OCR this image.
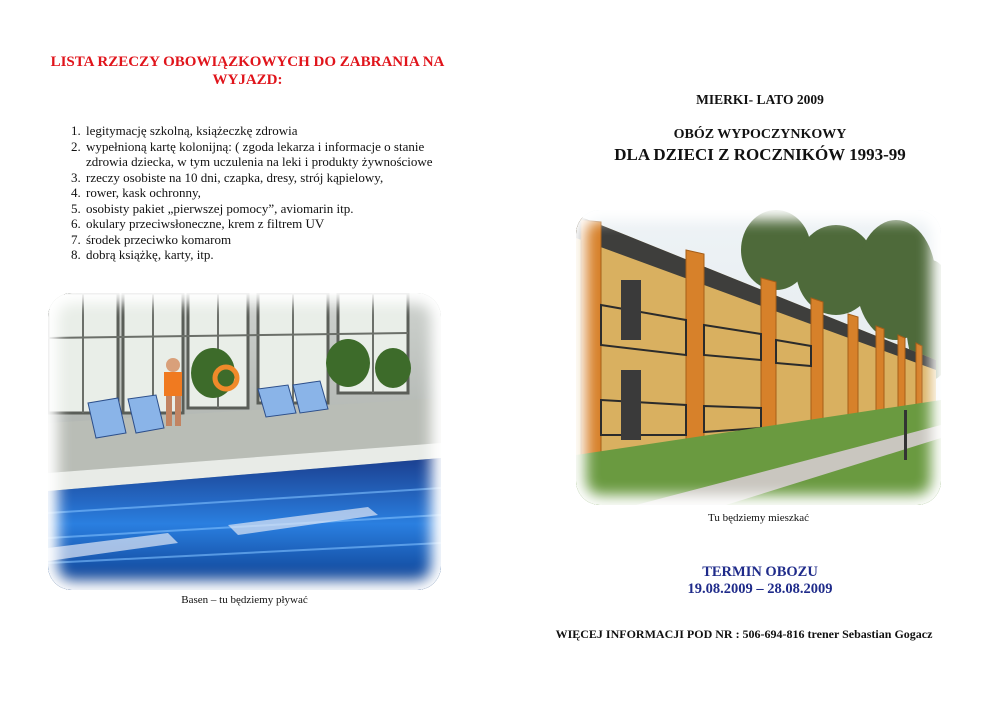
LISTA RZECZY OBOWIĄZKOWYCH DO ZABRANIA NA WYJAZD:
1. legitymację szkolną, książeczkę zdrowia
2. wypełnioną kartę kolonijną: ( zgoda lekarza i informacje o stanie zdrowia dziecka, w tym uczulenia na leki i produkty żywnościowe
3. rzeczy osobiste na 10 dni, czapka, dresy, strój kąpielowy,
4. rower, kask ochronny,
5. osobisty pakiet „pierwszej pomocy”, aviomarin itp.
6. okulary przeciwsłoneczne, krem z filtrem UV
7. środek przeciwko komarom
8. dobrą książkę, karty, itp.
Basen – tu będziemy pływać
MIERKI- LATO 2009
OBÓZ WYPOCZYNKOWY
DLA DZIECI Z ROCZNIKÓW 1993-99
Tu będziemy mieszkać
TERMIN OBOZU
19.08.2009 – 28.08.2009
WIĘCEJ INFORMACJI POD NR : 506-694-816 trener Sebastian Gogacz
